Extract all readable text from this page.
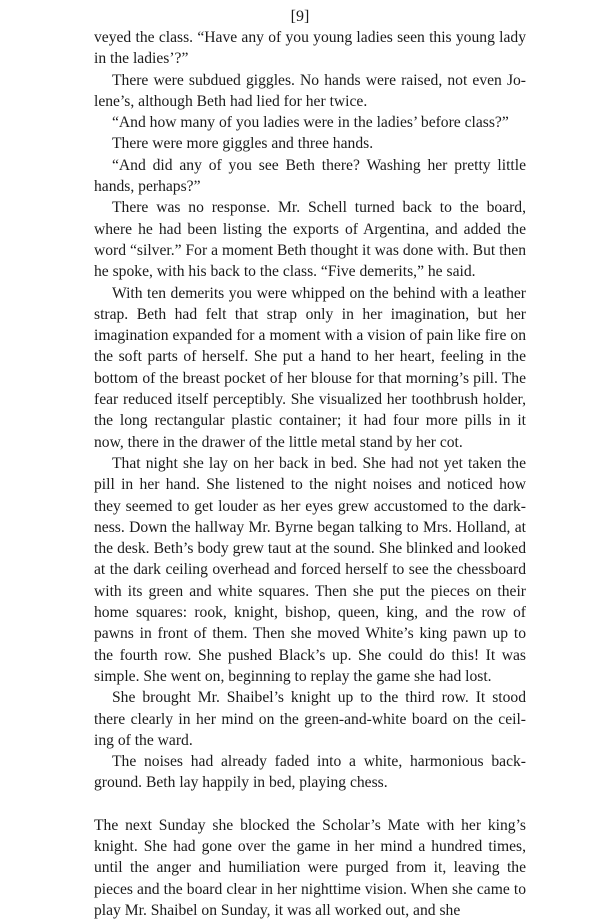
[9]

veyed the class. “Have any of you young ladies seen this young lady in the ladies’?”

There were subdued giggles. No hands were raised, not even Jo-lene’s, although Beth had lied for her twice.

“And how many of you ladies were in the ladies’ before class?”

There were more giggles and three hands.

“And did any of you see Beth there? Washing her pretty little hands, perhaps?”

There was no response. Mr. Schell turned back to the board, where he had been listing the exports of Argentina, and added the word “silver.” For a moment Beth thought it was done with. But then he spoke, with his back to the class. “Five demerits,” he said.

With ten demerits you were whipped on the behind with a leather strap. Beth had felt that strap only in her imagination, but her imagination expanded for a moment with a vision of pain like fire on the soft parts of herself. She put a hand to her heart, feeling in the bottom of the breast pocket of her blouse for that morning’s pill. The fear reduced itself perceptibly. She visualized her toothbrush holder, the long rectangular plastic container; it had four more pills in it now, there in the drawer of the little metal stand by her cot.

That night she lay on her back in bed. She had not yet taken the pill in her hand. She listened to the night noises and noticed how they seemed to get louder as her eyes grew accustomed to the dark-ness. Down the hallway Mr. Byrne began talking to Mrs. Holland, at the desk. Beth’s body grew taut at the sound. She blinked and looked at the dark ceiling overhead and forced herself to see the chessboard with its green and white squares. Then she put the pieces on their home squares: rook, knight, bishop, queen, king, and the row of pawns in front of them. Then she moved White’s king pawn up to the fourth row. She pushed Black’s up. She could do this! It was simple. She went on, beginning to replay the game she had lost.

She brought Mr. Shaibel’s knight up to the third row. It stood there clearly in her mind on the green-and-white board on the ceil-ing of the ward.

The noises had already faded into a white, harmonious back-ground. Beth lay happily in bed, playing chess.

The next Sunday she blocked the Scholar’s Mate with her king’s knight. She had gone over the game in her mind a hundred times, until the anger and humiliation were purged from it, leaving the pieces and the board clear in her nighttime vision. When she came to play Mr. Shaibel on Sunday, it was all worked out, and she
